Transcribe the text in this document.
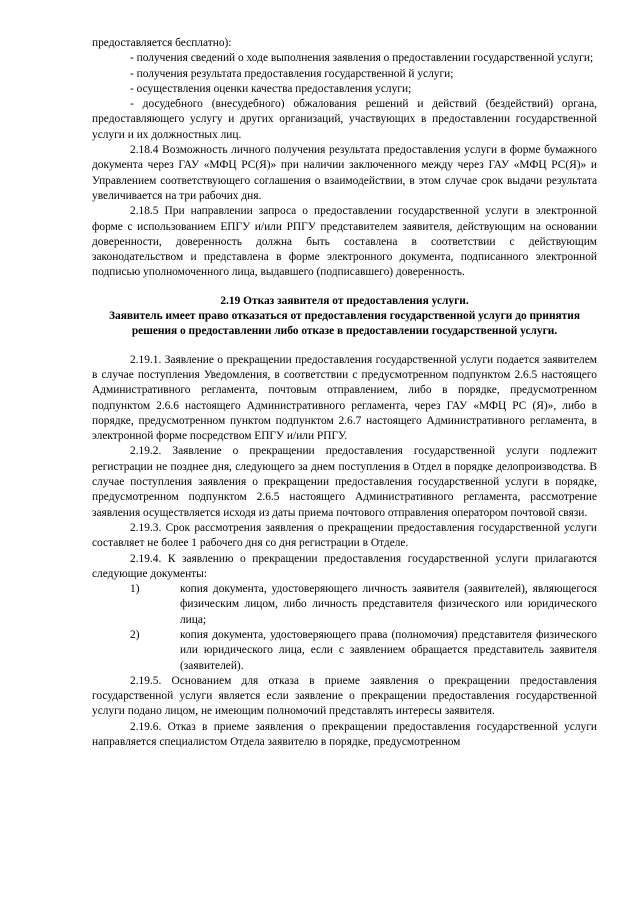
предоставляется бесплатно):

- получения сведений о ходе выполнения заявления о предоставлении государственной услуги;

- получения результата предоставления государственной й услуги;

- осуществления оценки качества предоставления услуги;

- досудебного (внесудебного) обжалования решений и действий (бездействий) органа, предоставляющего услугу и других организаций, участвующих в предоставлении государственной услуги и их должностных лиц.

2.18.4 Возможность личного получения результата предоставления услуги в форме бумажного документа через ГАУ «МФЦ РС(Я)» при наличии заключенного между через ГАУ «МФЦ РС(Я)» и Управлением соответствующего соглашения о взаимодействии, в этом случае срок выдачи результата увеличивается на три рабочих дня.

2.18.5 При направлении запроса о предоставлении государственной услуги в электронной форме с использованием ЕПГУ и/или РПГУ представителем заявителя, действующим на основании доверенности, доверенность должна быть составлена в соответствии с действующим законодательством и представлена в форме электронного документа, подписанного электронной подписью уполномоченного лица, выдавшего (подписавшего) доверенность.

2.19 Отказ заявителя от предоставления услуги.

Заявитель имеет право отказаться от предоставления государственной услуги до принятия решения о предоставлении либо отказе в предоставлении государственной услуги.

2.19.1. Заявление о прекращении предоставления государственной услуги подается заявителем в случае поступления Уведомления, в соответствии с предусмотренном подпунктом 2.6.5 настоящего Административного регламента, почтовым отправлением, либо в порядке, предусмотренном подпунктом 2.6.6 настоящего Административного регламента, через ГАУ «МФЦ РС (Я)», либо в порядке, предусмотренном пунктом подпунктом 2.6.7 настоящего Административного регламента, в электронной форме посредством ЕПГУ и/или РПГУ.

2.19.2. Заявление о прекращении предоставления государственной услуги подлежит регистрации не позднее дня, следующего за днем поступления в Отдел в порядке делопроизводства. В случае поступления заявления о прекращении предоставления государственной услуги в порядке, предусмотренном подпунктом 2.6.5 настоящего Административного регламента, рассмотрение заявления осуществляется исходя из даты приема почтового отправления оператором почтовой связи.

2.19.3. Срок рассмотрения заявления о прекращении предоставления государственной услуги составляет не более 1 рабочего дня со дня регистрации в Отделе.

2.19.4. К заявлению о прекращении предоставления государственной услуги прилагаются следующие документы:

1)	копия документа, удостоверяющего личность заявителя (заявителей), являющегося физическим лицом, либо личность представителя физического или юридического лица;
2)	копия документа, удостоверяющего права (полномочия) представителя физического или юридического лица, если с заявлением обращается представитель заявителя (заявителей).

2.19.5. Основанием для отказа в приеме заявления о прекращении предоставления государственной услуги является если заявление о прекращении предоставления государственной услуги подано лицом, не имеющим полномочий представлять интересы заявителя.

2.19.6. Отказ в приеме заявления о прекращении предоставления государственной услуги направляется специалистом Отдела заявителю в порядке, предусмотренном
